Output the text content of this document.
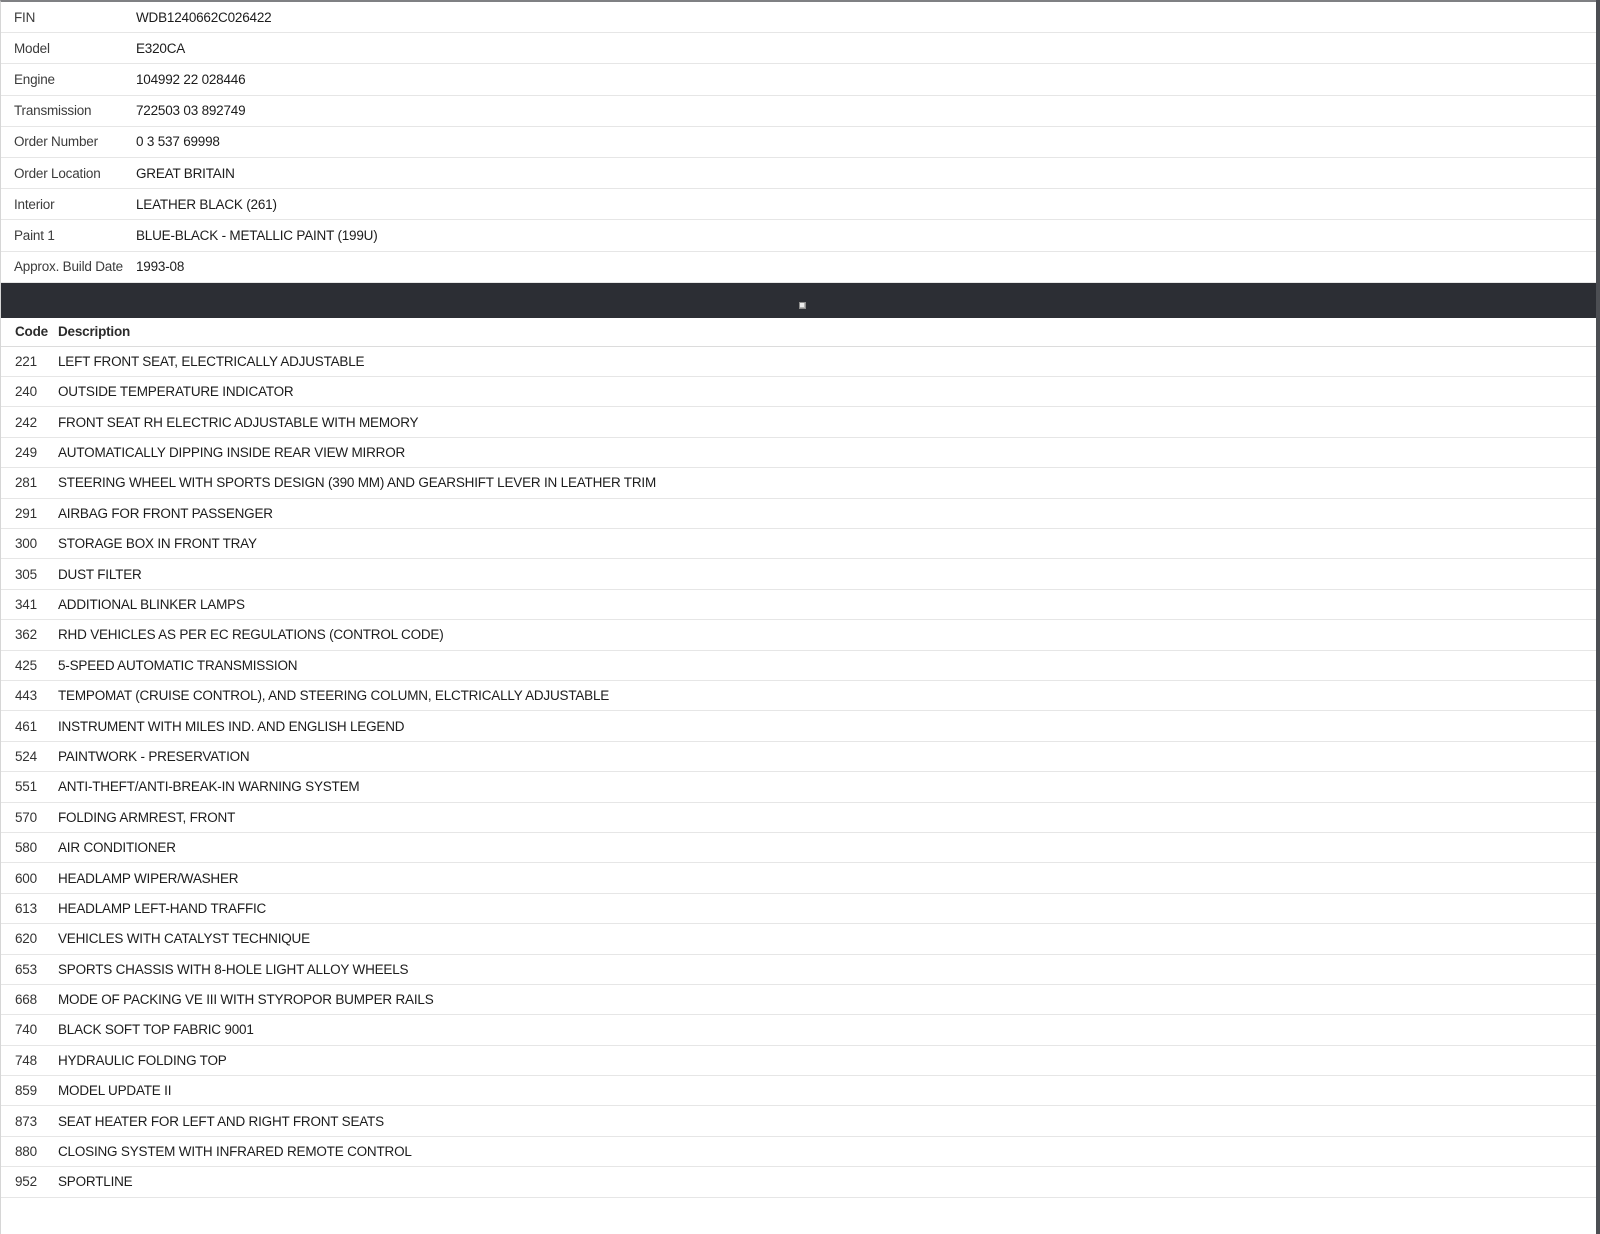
FIN	WDB1240662C026422
Model	E320CA
Engine	104992 22 028446
Transmission	722503 03 892749
Order Number	0 3 537 69998
Order Location	GREAT BRITAIN
Interior	LEATHER BLACK (261)
Paint 1	BLUE-BLACK - METALLIC PAINT (199U)
Approx. Build Date 1993-08
Code Description
221	LEFT FRONT SEAT, ELECTRICALLY ADJUSTABLE
240	OUTSIDE TEMPERATURE INDICATOR
242	FRONT SEAT RH ELECTRIC ADJUSTABLE WITH MEMORY
249	AUTOMATICALLY DIPPING INSIDE REAR VIEW MIRROR
281	STEERING WHEEL WITH SPORTS DESIGN (390 MM) AND GEARSHIFT LEVER IN LEATHER TRIM
291	AIRBAG FOR FRONT PASSENGER
300	STORAGE BOX IN FRONT TRAY
305	DUST FILTER
341	ADDITIONAL BLINKER LAMPS
362	RHD VEHICLES AS PER EC REGULATIONS (CONTROL CODE)
425	5-SPEED AUTOMATIC TRANSMISSION
443	TEMPOMAT (CRUISE CONTROL), AND STEERING COLUMN, ELCTRICALLY ADJUSTABLE
461	INSTRUMENT WITH MILES IND. AND ENGLISH LEGEND
524	PAINTWORK - PRESERVATION
551	ANTI-THEFT/ANTI-BREAK-IN WARNING SYSTEM
570	FOLDING ARMREST, FRONT
580	AIR CONDITIONER
600	HEADLAMP WIPER/WASHER
613	HEADLAMP LEFT-HAND TRAFFIC
620	VEHICLES WITH CATALYST TECHNIQUE
653	SPORTS CHASSIS WITH 8-HOLE LIGHT ALLOY WHEELS
668	MODE OF PACKING VE III WITH STYROPOR BUMPER RAILS
740	BLACK SOFT TOP FABRIC 9001
748	HYDRAULIC FOLDING TOP
859	MODEL UPDATE II
873	SEAT HEATER FOR LEFT AND RIGHT FRONT SEATS
880	CLOSING SYSTEM WITH INFRARED REMOTE CONTROL
952	SPORTLINE
